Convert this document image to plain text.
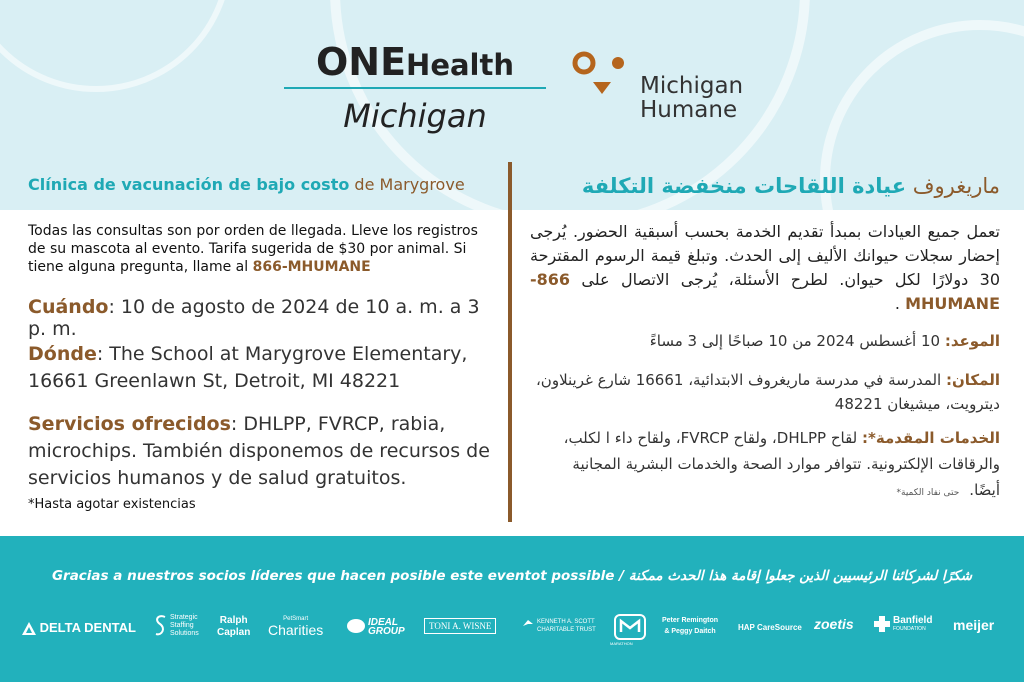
ONEHealth
Michigan
Michigan
Humane
Clínica de vacunación de bajo costo de Marygrove
Todas las consultas son por orden de llegada. Lleve los registros de su mascota al evento. Tarifa sugerida de $30 por animal. Si tiene alguna pregunta, llame al 866-MHUMANE
Cuándo: 10 de agosto de 2024 de 10 a. m. a 3 p. m.
Dónde: The School at Marygrove Elementary, 16661 Greenlawn St, Detroit, MI 48221
Servicios ofrecidos: DHLPP, FVRCP, rabia, microchips. También disponemos de recursos de servicios humanos y de salud gratuitos.
*Hasta agotar existencias
ماريغروف عيادة اللقاحات منخفضة التكلفة
تعمل جميع العيادات بمبدأ تقديم الخدمة بحسب أسبقية الحضور. يُرجى إحضار سجلات حيوانك الأليف إلى الحدث. وتبلغ قيمة الرسوم المقترحة 30 دولارًا لكل حيوان. لطرح الأسئلة، يُرجى الاتصال على 866-MHUMANE .
الموعد: 10 أغسطس 2024 من 10 صباحًا إلى 3 مساءً
المكان: المدرسة في مدرسة ماريغروف الابتدائية، 16661 شارع غرينلاون، ديترويت، ميشيغان 48221
الخدمات المقدمة*: لقاح DHLPP، ولقاح FVRCP، ولقاح داء ا لكلب، والرقاقات الإلكترونية. تتوافر موارد الصحة والخدمات البشرية المجانية أيضًا.حتى نفاد الكمية*
Gracias a nuestros socios líderes que hacen posible este eventot possible / شكرًا لشركائنا الرئيسيين الذين جعلوا إقامة هذا الحدث ممكنة
DELTA DENTAL
Strategic
Staffing
Solutions
Ralph
Caplan
PetSmart
Charities	IDEAL
GROUP	TONI A. WISNE	KENNETH A. SCOTT
CHARITABLE TRUST
MARATHON
Peter Remington
& Peggy Daitch	HAP CareSource zoetis	Banfield
FOUNDATION meijer
